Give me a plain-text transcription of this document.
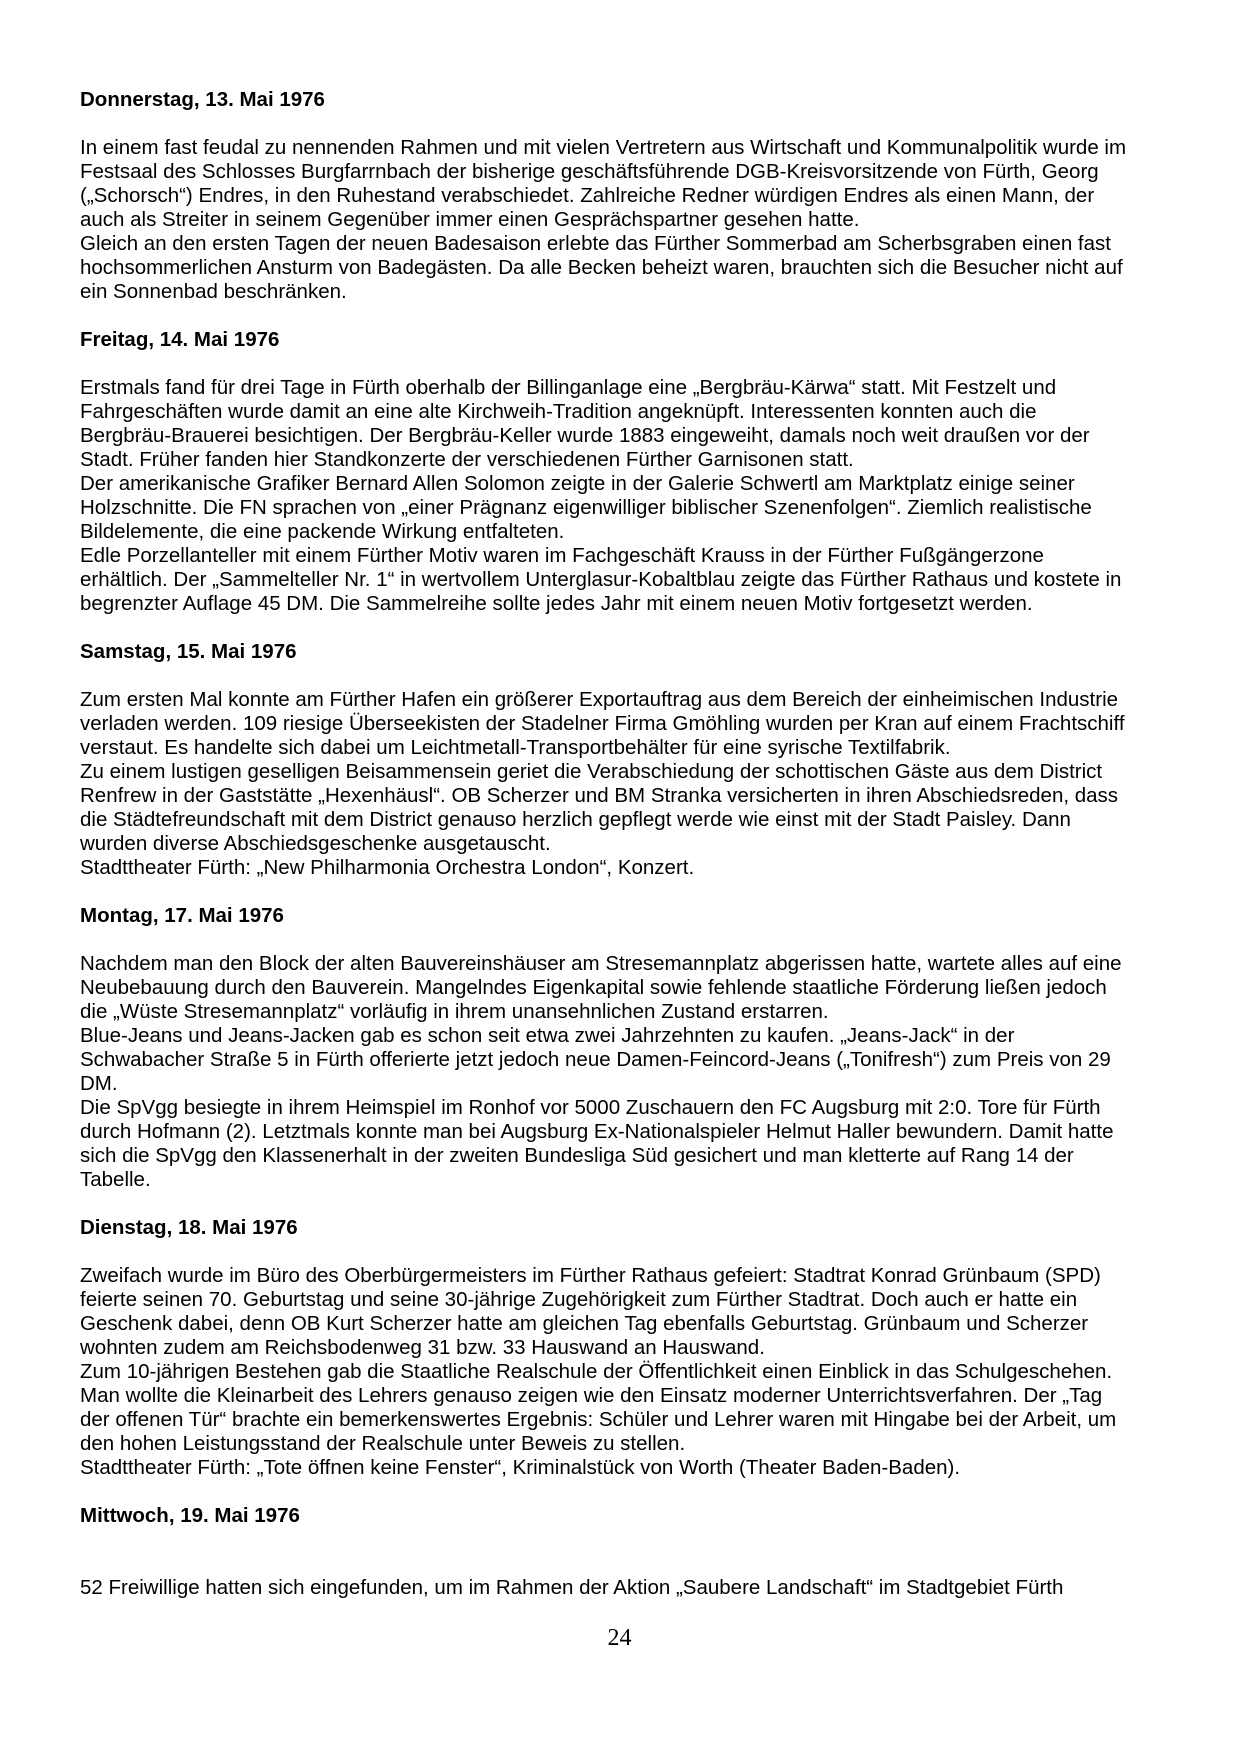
Donnerstag, 13. Mai 1976
In einem fast feudal zu nennenden Rahmen und mit vielen Vertretern aus Wirtschaft und Kommunalpolitik wurde im
Festsaal des Schlosses Burgfarrnbach der bisherige geschäftsführende DGB-Kreisvorsitzende von Fürth, Georg
(„Schorsch“) Endres, in den Ruhestand verabschiedet. Zahlreiche Redner würdigen Endres als einen Mann, der
auch als Streiter in seinem Gegenüber immer einen Gesprächspartner gesehen hatte.
Gleich an den ersten Tagen der neuen Badesaison erlebte das Fürther Sommerbad am Scherbsgraben einen fast
hochsommerlichen Ansturm von Badegästen. Da alle Becken beheizt waren, brauchten sich die Besucher nicht auf
ein Sonnenbad beschränken.
Freitag, 14. Mai 1976
Erstmals fand für drei Tage in Fürth oberhalb der Billinganlage eine „Bergbräu-Kärwa“ statt. Mit Festzelt und
Fahrgeschäften wurde damit an eine alte Kirchweih-Tradition angeknüpft. Interessenten konnten auch die
Bergbräu-Brauerei besichtigen. Der Bergbräu-Keller wurde 1883 eingeweiht, damals noch weit draußen vor der
Stadt. Früher fanden hier Standkonzerte der verschiedenen Fürther Garnisonen statt.
Der amerikanische Grafiker Bernard Allen Solomon zeigte in der Galerie Schwertl am Marktplatz einige seiner
Holzschnitte. Die FN sprachen von „einer Prägnanz eigenwilliger biblischer Szenenfolgen“. Ziemlich realistische
Bildelemente, die eine packende Wirkung entfalteten.
Edle Porzellanteller mit einem Fürther Motiv waren im Fachgeschäft Krauss in der Fürther Fußgängerzone
erhältlich. Der „Sammelteller Nr. 1“ in wertvollem Unterglasur-Kobaltblau zeigte das Fürther Rathaus und kostete in
begrenzter Auflage 45 DM. Die Sammelreihe sollte jedes Jahr mit einem neuen Motiv fortgesetzt werden.
Samstag, 15. Mai 1976
Zum ersten Mal konnte am Fürther Hafen ein größerer Exportauftrag aus dem Bereich der einheimischen Industrie
verladen werden. 109 riesige Überseekisten der Stadelner Firma Gmöhling wurden per Kran auf einem Frachtschiff
verstaut. Es handelte sich dabei um Leichtmetall-Transportbehälter für eine syrische Textilfabrik.
Zu einem lustigen geselligen Beisammensein geriet die Verabschiedung der schottischen Gäste aus dem District
Renfrew in der Gaststätte „Hexenhäusl“. OB Scherzer und BM Stranka versicherten in ihren Abschiedsreden, dass
die Städtefreundschaft mit dem District genauso herzlich gepflegt werde wie einst mit der Stadt Paisley. Dann
wurden diverse Abschiedsgeschenke ausgetauscht.
Stadttheater Fürth: „New Philharmonia Orchestra London“, Konzert.
Montag, 17. Mai 1976
Nachdem man den Block der alten Bauvereinshäuser am Stresemannplatz abgerissen hatte, wartete alles auf eine
Neubebauung durch den Bauverein. Mangelndes Eigenkapital sowie fehlende staatliche Förderung ließen jedoch
die „Wüste Stresemannplatz“ vorläufig in ihrem unansehnlichen Zustand erstarren.
Blue-Jeans und Jeans-Jacken gab es schon seit etwa zwei Jahrzehnten zu kaufen. „Jeans-Jack“ in der
Schwabacher Straße 5 in Fürth offerierte jetzt jedoch neue Damen-Feincord-Jeans („Tonifresh“) zum Preis von 29
DM.
Die SpVgg besiegte in ihrem Heimspiel im Ronhof vor 5000 Zuschauern den FC Augsburg mit 2:0. Tore für Fürth
durch Hofmann (2). Letztmals konnte man bei Augsburg Ex-Nationalspieler Helmut Haller bewundern. Damit hatte
sich die SpVgg den Klassenerhalt in der zweiten Bundesliga Süd gesichert und man kletterte auf Rang 14 der
Tabelle.
Dienstag, 18. Mai 1976
Zweifach wurde im Büro des Oberbürgermeisters im Fürther Rathaus gefeiert: Stadtrat Konrad Grünbaum (SPD)
feierte seinen 70. Geburtstag und seine 30-jährige Zugehörigkeit zum Fürther Stadtrat. Doch auch er hatte ein
Geschenk dabei, denn OB Kurt Scherzer hatte am gleichen Tag ebenfalls Geburtstag. Grünbaum und Scherzer
wohnten zudem am Reichsbodenweg 31 bzw. 33 Hauswand an Hauswand.
Zum 10-jährigen Bestehen gab die Staatliche Realschule der Öffentlichkeit einen Einblick in das Schulgeschehen.
Man wollte die Kleinarbeit des Lehrers genauso zeigen wie den Einsatz moderner Unterrichtsverfahren. Der „Tag
der offenen Tür“ brachte ein bemerkenswertes Ergebnis: Schüler und Lehrer waren mit Hingabe bei der Arbeit, um
den hohen Leistungsstand der Realschule unter Beweis zu stellen.
Stadttheater Fürth: „Tote öffnen keine Fenster“, Kriminalstück von Worth (Theater Baden-Baden).
Mittwoch, 19. Mai 1976
52 Freiwillige hatten sich eingefunden, um im Rahmen der Aktion „Saubere Landschaft“ im Stadtgebiet Fürth
24
